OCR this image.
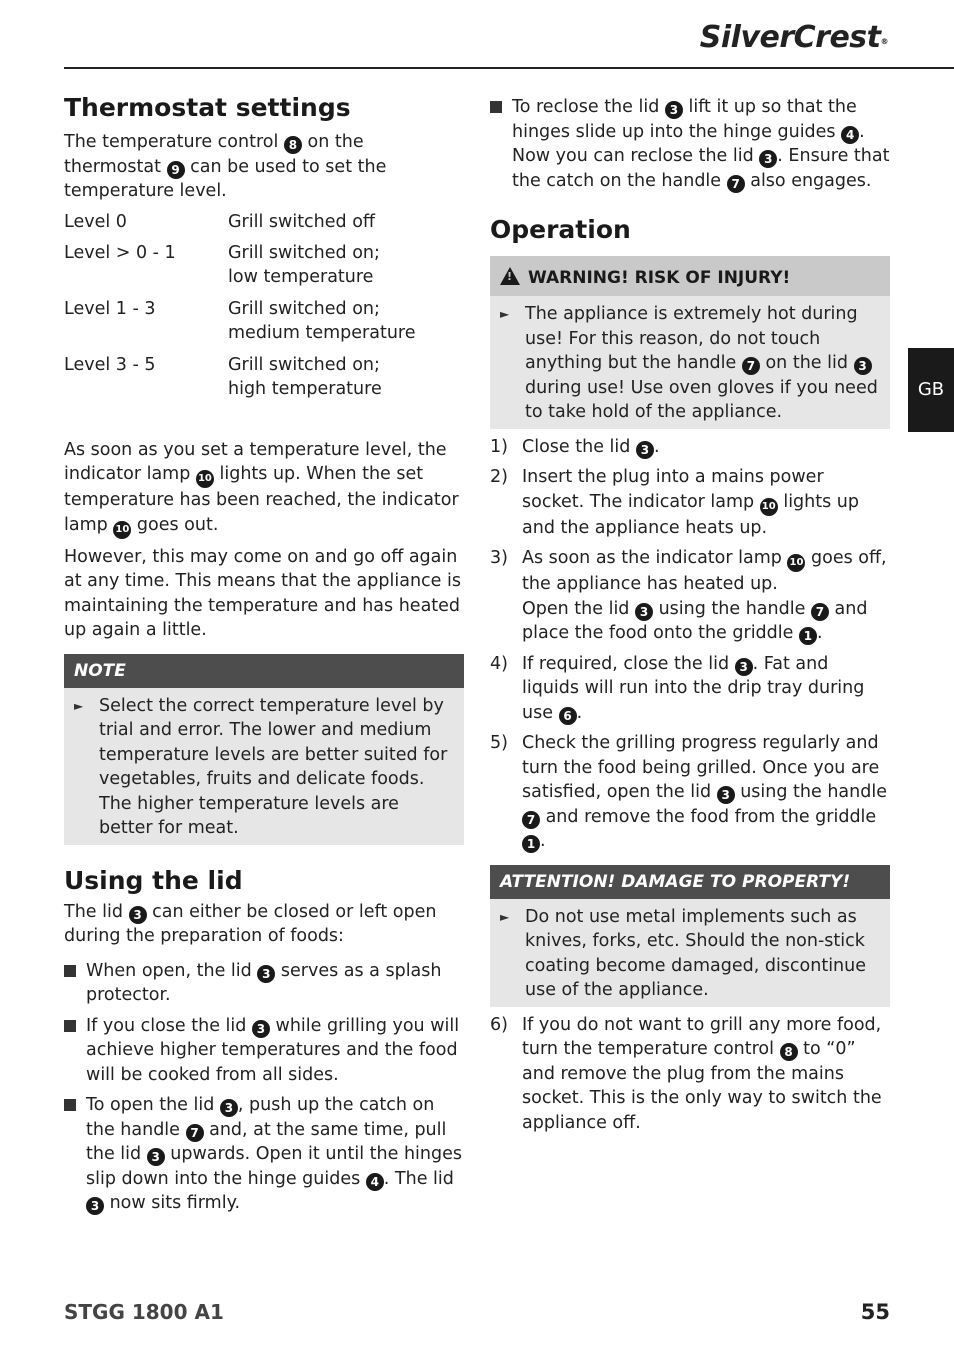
SilverCrest®
GB
Thermostat settings

The temperature control 8 on the thermostat 9 can be used to set the temperature level.

Level 0	Grill switched off
Level > 0 - 1	Grill switched on;
low temperature
Level 1 - 3	Grill switched on;
medium temperature
Level 3 - 5	Grill switched on;
high temperature

As soon as you set a temperature level, the indicator lamp 10 lights up. When the set temperature has been reached, the indicator lamp 10 goes out.

However, this may come on and go off again at any time. This means that the appliance is maintaining the temperature and has heated up again a little.

NOTE
► Select the correct temperature level by trial and error. The lower and medium temperature levels are better suited for vegetables, fruits and delicate foods. The higher temperature levels are better for meat.
Using the lid

The lid 3 can either be closed or left open during the preparation of foods:

When open, the lid 3 serves as a splash protector.
If you close the lid 3 while grilling you will achieve higher temperatures and the food will be cooked from all sides.
To open the lid 3 , push up the catch on the handle 7 and, at the same time, pull the lid 3 upwards. Open it until the hinges slip down into the hinge guides 4 . The lid 3 now sits firmly.
To reclose the lid 3 lift it up so that the hinges slide up into the hinge guides 4 . Now you can reclose the lid 3 . Ensure that the catch on the handle 7 also engages.
Operation
!WARNING! RISK OF INJURY!
► The appliance is extremely hot during use! For this reason, do not touch anything but the handle 7 on the lid 3 during use! Use oven gloves if you need to take hold of the appliance.
1) Close the lid 3 .
2) Insert the plug into a mains power socket. The indicator lamp 10 lights up and the appliance heats up.
3) As soon as the indicator lamp 10 goes off, the appliance has heated up.
Open the lid 3 using the handle 7 and place the food onto the griddle 1 .
4) If required, close the lid 3 . Fat and liquids will run into the drip tray during use 6 .
5) Check the grilling progress regularly and turn the food being grilled. Once you are satisfied, open the lid 3 using the handle 7 and remove the food from the griddle 1 .
ATTENTION! DAMAGE TO PROPERTY!
► Do not use metal implements such as knives, forks, etc. Should the non-stick coating become damaged, discontinue use of the appliance.
6) If you do not want to grill any more food, turn the temperature control 8 to “0” and remove the plug from the mains socket. This is the only way to switch the appliance off.
STGG 1800 A1	55
